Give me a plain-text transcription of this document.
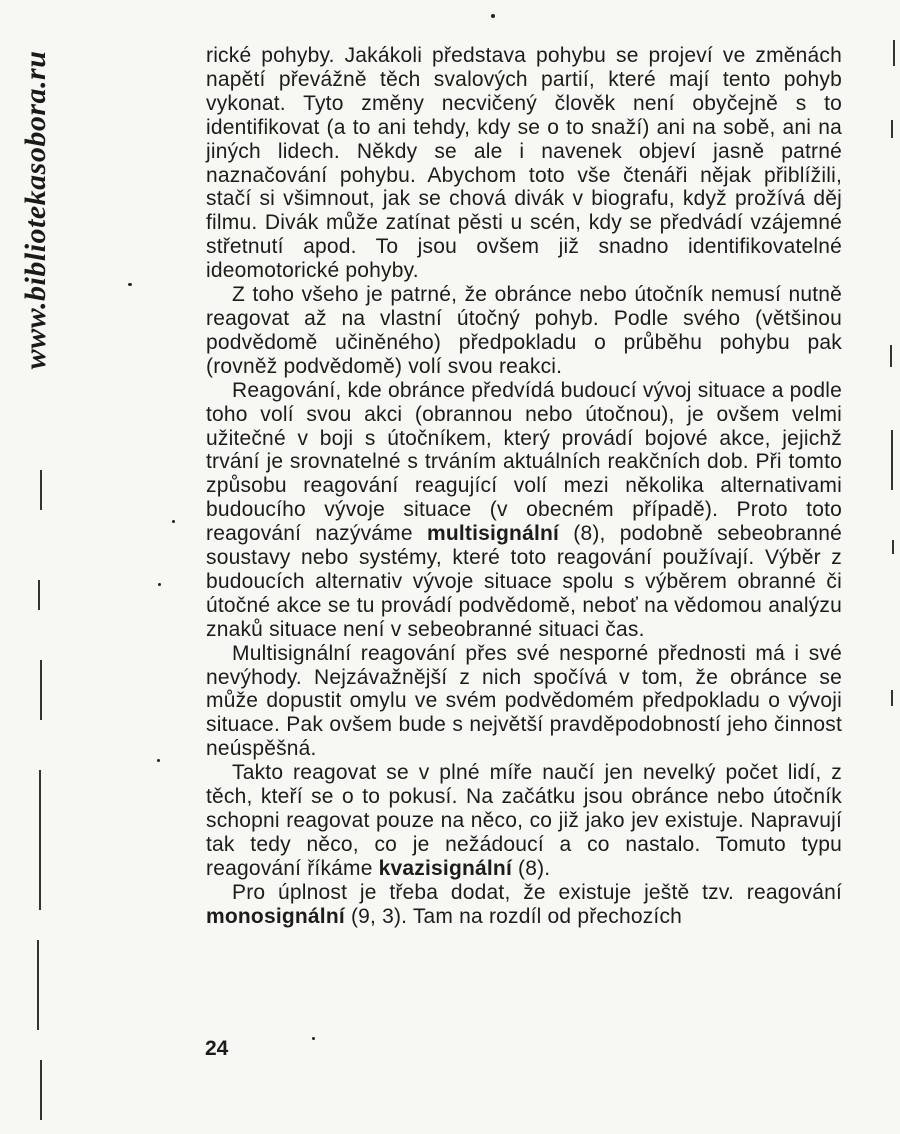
www.bibliotekasobora.ru	rické pohyby. Jakákoli představa pohybu se projeví ve změnách napětí převážně těch svalových partií, které mají tento pohyb vykonat. Tyto změny necvičený člověk není obyčejně s to identifikovat (a to ani tehdy, kdy se o to snaží) ani na sobě, ani na jiných lidech. Někdy se ale i navenek objeví jasně patrné naznačování pohybu. Abychom toto vše čtenáři nějak přiblížili, stačí si všimnout, jak se chová divák v biografu, když prožívá děj filmu. Divák může zatínat pěsti u scén, kdy se předvádí vzájemné střetnutí apod. To jsou ovšem již snadno identifikovatelné ideomotorické pohyby.

Z toho všeho je patrné, že obránce nebo útočník nemusí nutně reagovat až na vlastní útočný pohyb. Podle svého (většinou podvědomě učiněného) předpokladu o průběhu pohybu pak (rovněž podvědomě) volí svou reakci.

Reagování, kde obránce předvídá budoucí vývoj situace a podle toho volí svou akci (obrannou nebo útočnou), je ovšem velmi užitečné v boji s útočníkem, který provádí bojové akce, jejichž trvání je srovnatelné s trváním aktuálních reakčních dob. Při tomto způsobu reagování reagující volí mezi několika alternativami budoucího vývoje situace (v obecném případě). Proto toto reagování nazýváme multisignální (8), podobně sebeobranné soustavy nebo systémy, které toto reagování používají. Výběr z budoucích alternativ vývoje situace spolu s výběrem obranné či útočné akce se tu provádí podvědomě, neboť na vědomou analýzu znaků situace není v sebeobranné situaci čas.

Multisignální reagování přes své nesporné přednosti má i své nevýhody. Nejzávažnější z nich spočívá v tom, že obránce se může dopustit omylu ve svém podvědomém předpokladu o vývoji situace. Pak ovšem bude s největší pravděpodobností jeho činnost neúspěšná.

Takto reagovat se v plné míře naučí jen nevelký počet lidí, z těch, kteří se o to pokusí. Na začátku jsou obránce nebo útočník schopni reagovat pouze na něco, co již jako jev existuje. Napravují tak tedy něco, co je nežádoucí a co nastalo. Tomuto typu reagování říkáme kvazisignální (8).

Pro úplnost je třeba dodat, že existuje ještě tzv. reagování monosignální (9, 3). Tam na rozdíl od přechozích

24
